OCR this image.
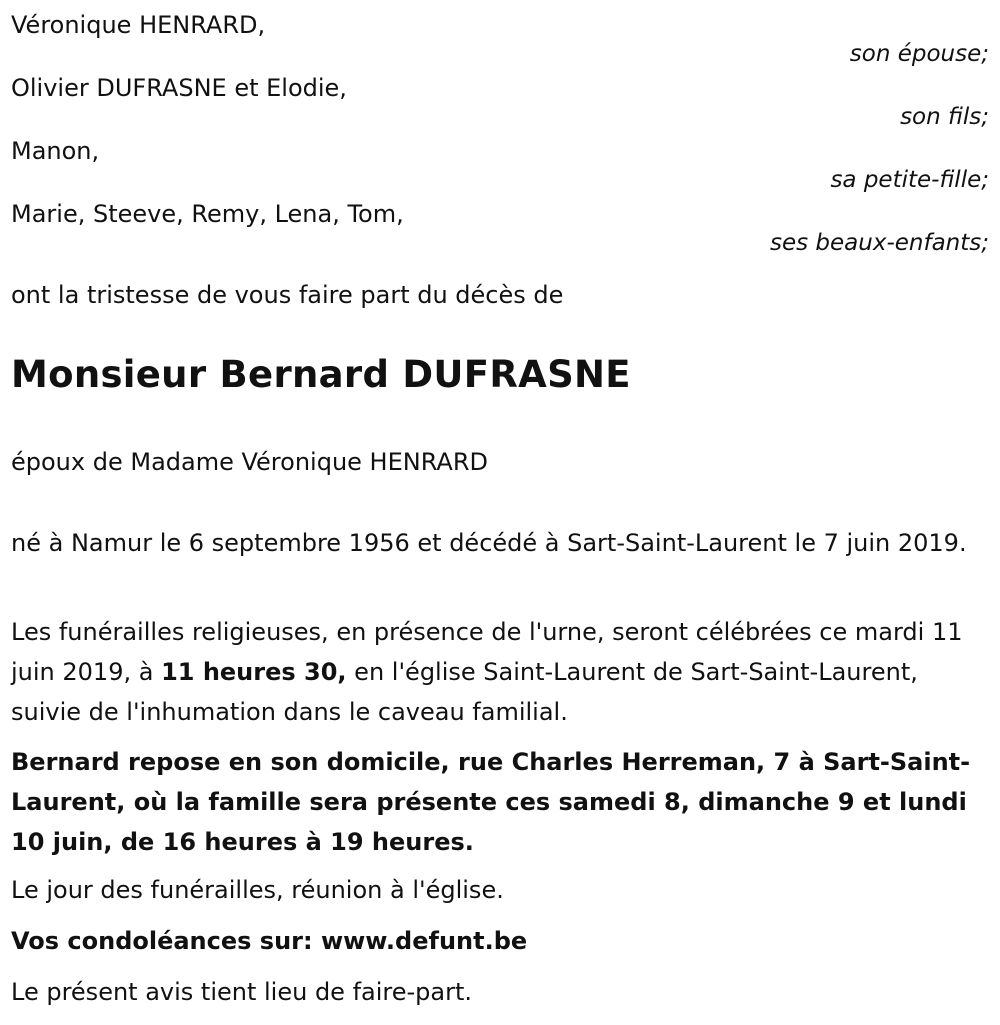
Véronique HENRARD,

son épouse;

Olivier DUFRASNE et Elodie,

son fils;

Manon,

sa petite-fille;

Marie, Steeve, Remy, Lena, Tom,

ses beaux-enfants;

ont la tristesse de vous faire part du décès de

Monsieur Bernard DUFRASNE

époux de Madame Véronique HENRARD

né à Namur le 6 septembre 1956 et décédé à Sart-Saint-Laurent le 7 juin 2019.

Les funérailles religieuses, en présence de l'urne, seront célébrées ce mardi 11 juin 2019, à 11 heures 30, en l'église Saint-Laurent de Sart-Saint-Laurent, suivie de l'inhumation dans le caveau familial.

Bernard repose en son domicile, rue Charles Herreman, 7 à Sart-Saint-Laurent, où la famille sera présente ces samedi 8, dimanche 9 et lundi 10 juin, de 16 heures à 19 heures.

Le jour des funérailles, réunion à l'église.

Vos condoléances sur: www.defunt.be

Le présent avis tient lieu de faire-part.
